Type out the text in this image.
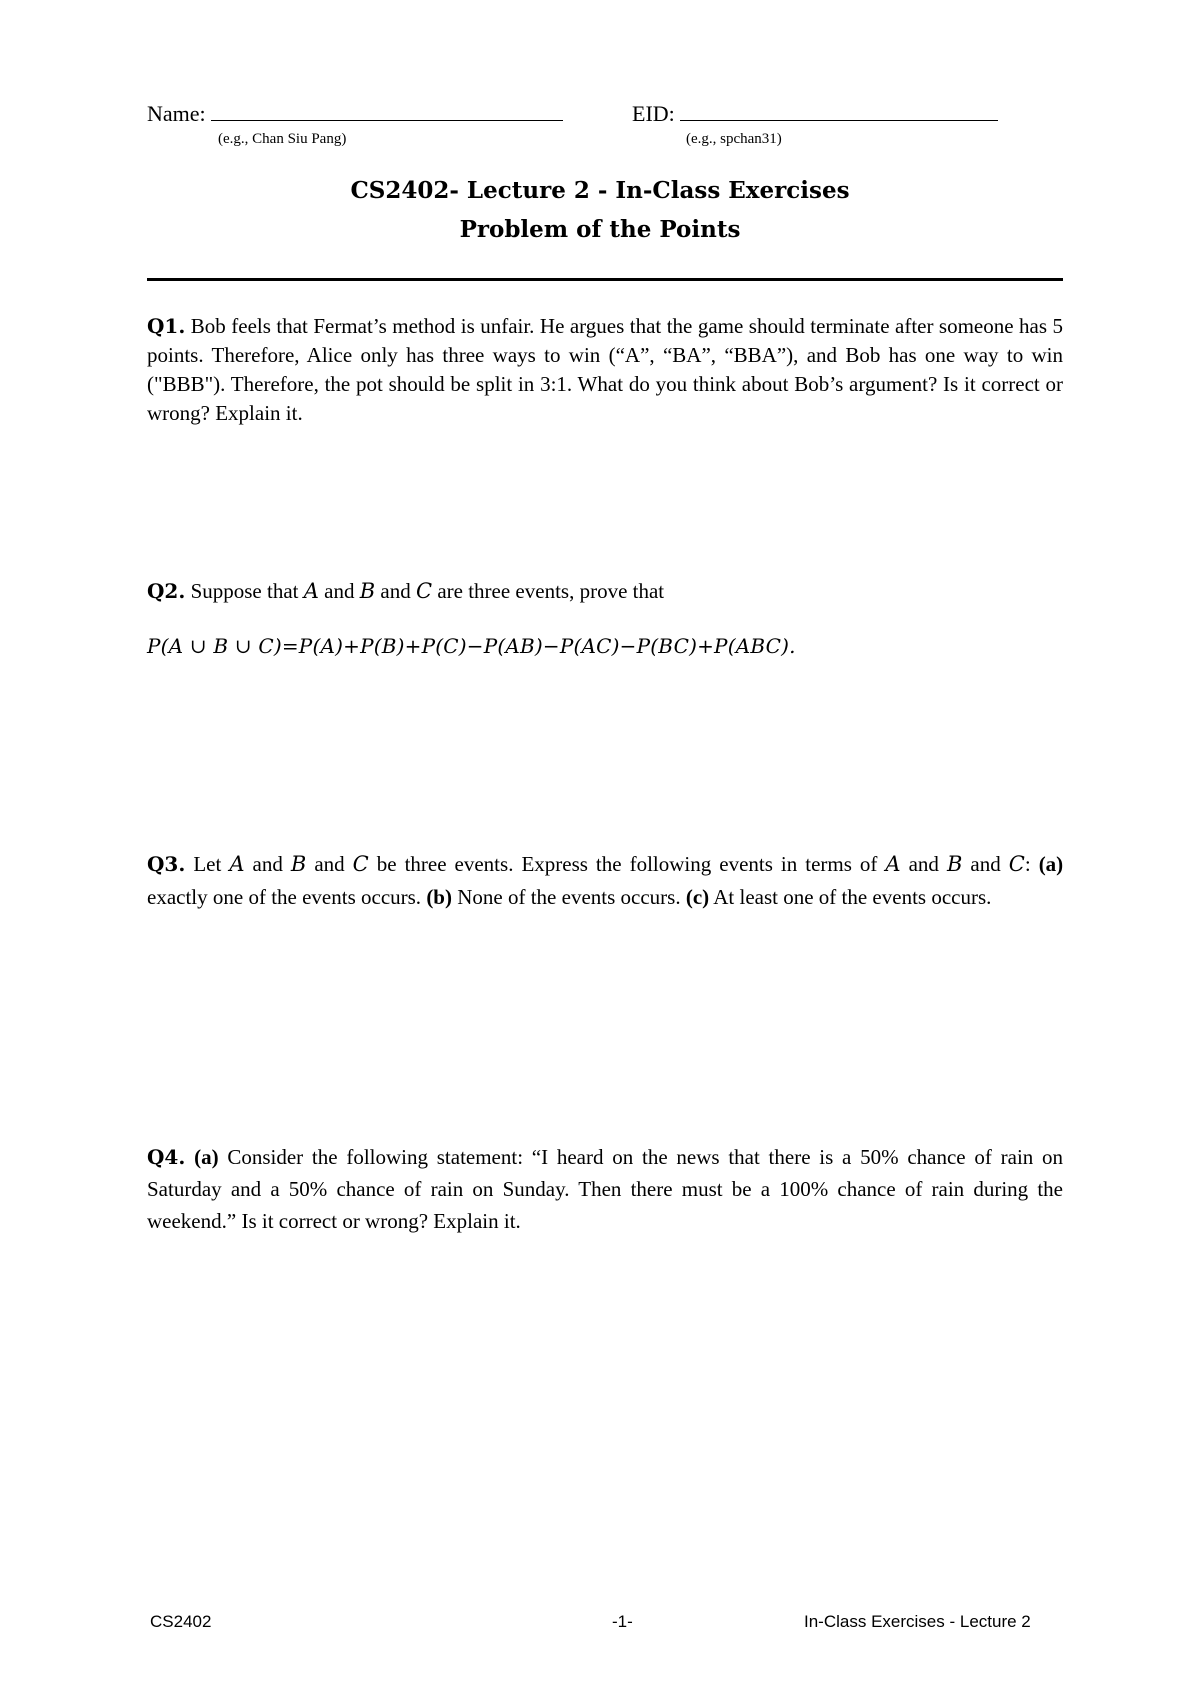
Name:
(e.g., Chan Siu Pang)
EID:
(e.g., spchan31)
CS2402- Lecture 2 - In-Class Exercises
Problem of the Points
Q1. Bob feels that Fermat’s method is unfair. He argues that the game should terminate after someone has 5 points. Therefore, Alice only has three ways to win (“A”, “BA”, “BBA”), and Bob has one way to win ("BBB"). Therefore, the pot should be split in 3:1. What do you think about Bob’s argument? Is it correct or wrong? Explain it.
Q2. Suppose that A and B and C are three events, prove that
P(A ∪ B ∪ C)=P(A)+P(B)+P(C)−P(AB)−P(AC)−P(BC)+P(ABC).
Q3. Let A and B and C be three events. Express the following events in terms of A and B and C: (a) exactly one of the events occurs. (b) None of the events occurs. (c) At least one of the events occurs.
Q4. (a) Consider the following statement: “I heard on the news that there is a 50% chance of rain on Saturday and a 50% chance of rain on Sunday. Then there must be a 100% chance of rain during the weekend.” Is it correct or wrong? Explain it.
CS2402	-1-	In-Class Exercises - Lecture 2
